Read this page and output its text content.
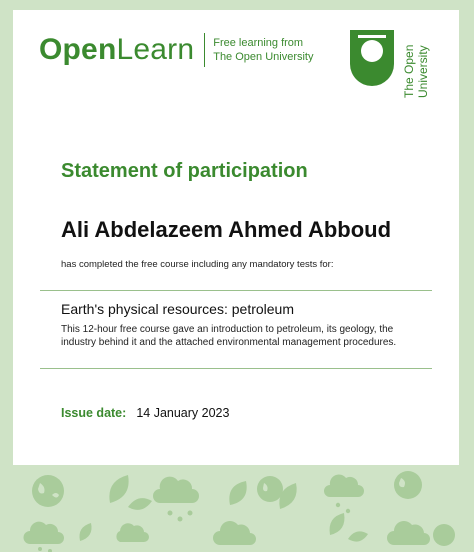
OpenLearn Free learning from
The Open University	The Open University
Statement of participation
Ali Abdelazeem Ahmed Abboud
has completed the free course including any mandatory tests for:
Earth's physical resources: petroleum
This 12-hour free course gave an introduction to petroleum, its geology, the industry behind it and the attached environmental management procedures.
Issue date: 14 January 2023
